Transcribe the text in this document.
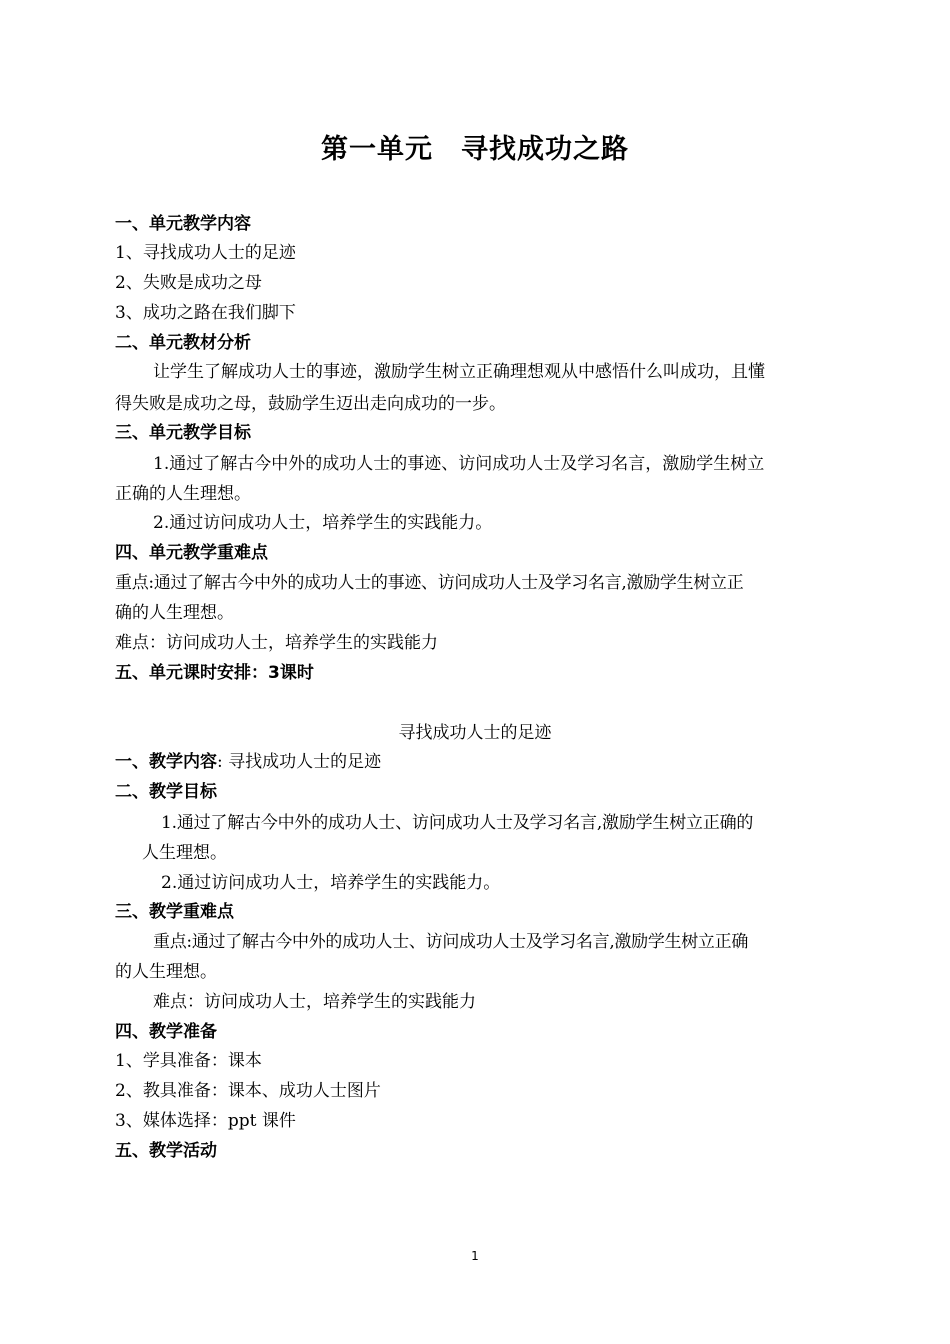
第一单元 寻找成功之路
一、单元教学内容
1、寻找成功人士的足迹
2、失败是成功之母
3、成功之路在我们脚下
二、单元教材分析
让学生了解成功人士的事迹，激励学生树立正确理想观从中感悟什么叫成功，且懂
得失败是成功之母，鼓励学生迈出走向成功的一步。
三、单元教学目标
1.通过了解古今中外的成功人士的事迹、访问成功人士及学习名言，激励学生树立
正确的人生理想。
2.通过访问成功人士，培养学生的实践能力。
四、单元教学重难点
重点:通过了解古今中外的成功人士的事迹、访问成功人士及学习名言,激励学生树立正
确的人生理想。
难点：访问成功人士，培养学生的实践能力
五、单元课时安排：3课时
寻找成功人士的足迹
一、教学内容: 寻找成功人士的足迹
二、教学目标
1.通过了解古今中外的成功人士、访问成功人士及学习名言,激励学生树立正确的
人生理想。
2.通过访问成功人士，培养学生的实践能力。
三、教学重难点
重点:通过了解古今中外的成功人士、访问成功人士及学习名言,激励学生树立正确
的人生理想。
难点：访问成功人士，培养学生的实践能力
四、教学准备
1、学具准备：课本
2、教具准备：课本、成功人士图片
3、媒体选择：ppt 课件
五、教学活动
1
